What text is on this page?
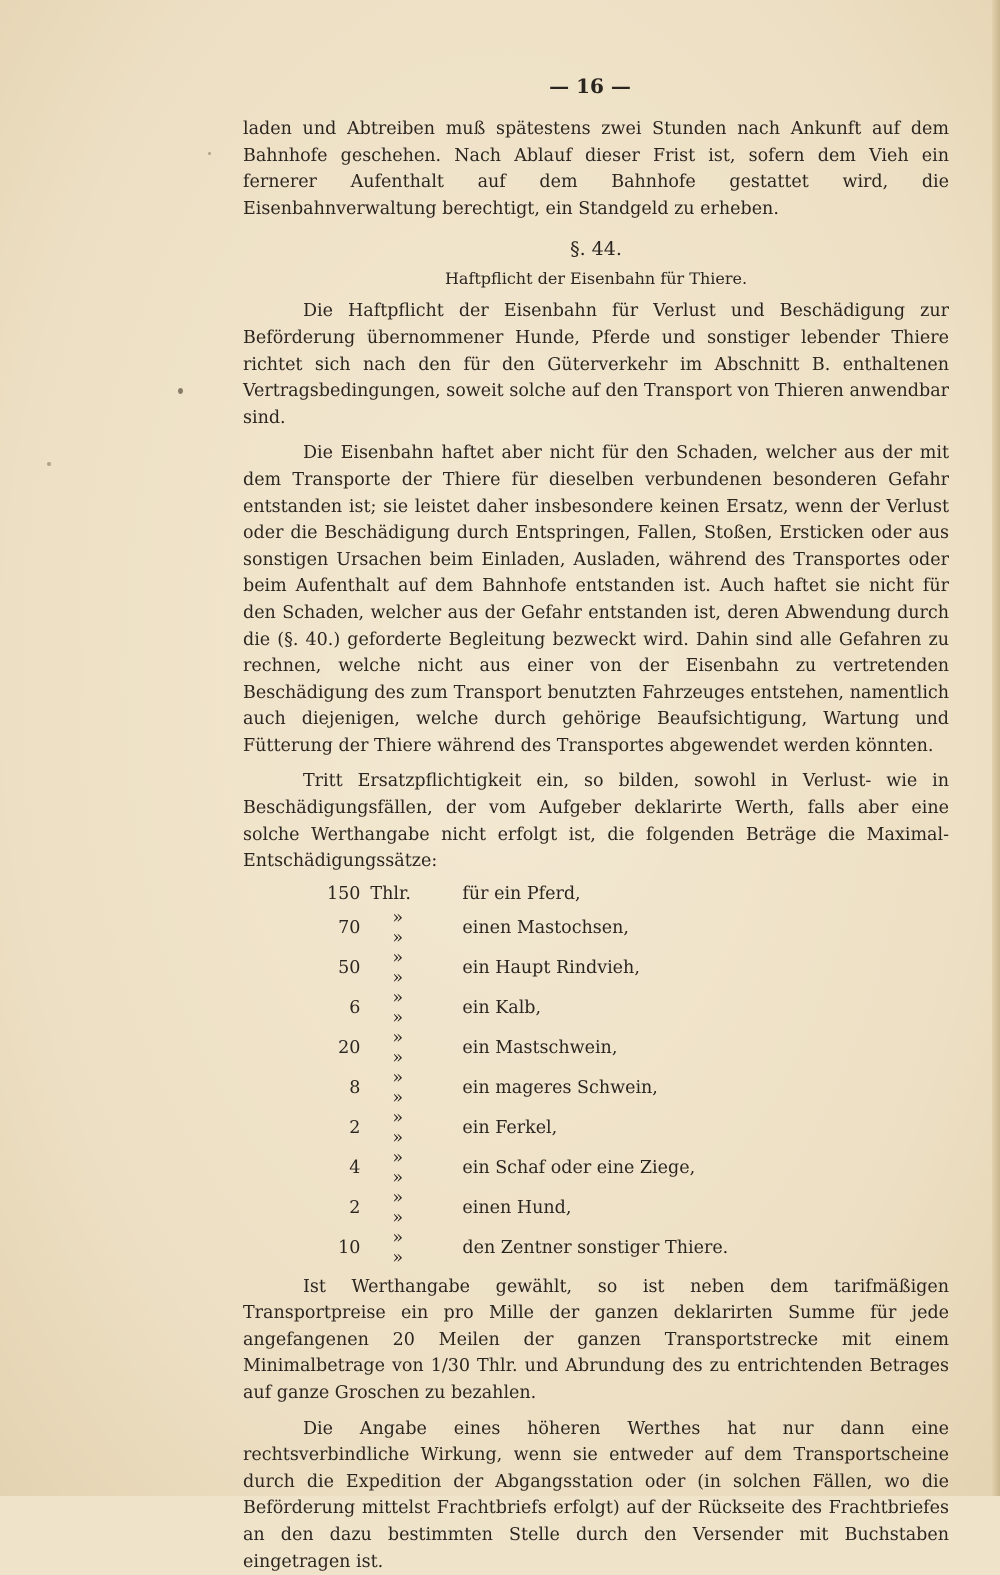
— 16 —

laden und Abtreiben muß spätestens zwei Stunden nach Ankunft auf dem Bahnhofe geschehen. Nach Ablauf dieser Frist ist, sofern dem Vieh ein fernerer Aufenthalt auf dem Bahnhofe gestattet wird, die Eisenbahnverwaltung berechtigt, ein Standgeld zu erheben.

§. 44.
Haftpflicht der Eisenbahn für Thiere.

Die Haftpflicht der Eisenbahn für Verlust und Beschädigung zur Beförderung übernommener Hunde, Pferde und sonstiger lebender Thiere richtet sich nach den für den Güterverkehr im Abschnitt B. enthaltenen Vertragsbedingungen, soweit solche auf den Transport von Thieren anwendbar sind.

Die Eisenbahn haftet aber nicht für den Schaden, welcher aus der mit dem Transporte der Thiere für dieselben verbundenen besonderen Gefahr entstanden ist; sie leistet daher insbesondere keinen Ersatz, wenn der Verlust oder die Beschädigung durch Entspringen, Fallen, Stoßen, Ersticken oder aus sonstigen Ursachen beim Einladen, Ausladen, während des Transportes oder beim Aufenthalt auf dem Bahnhofe entstanden ist. Auch haftet sie nicht für den Schaden, welcher aus der Gefahr entstanden ist, deren Abwendung durch die (§. 40.) geforderte Begleitung bezweckt wird. Dahin sind alle Gefahren zu rechnen, welche nicht aus einer von der Eisenbahn zu vertretenden Beschädigung des zum Transport benutzten Fahrzeuges entstehen, namentlich auch diejenigen, welche durch gehörige Beaufsichtigung, Wartung und Fütterung der Thiere während des Transportes abgewendet werden könnten.

Tritt Ersatzpflichtigkeit ein, so bilden, sowohl in Verlust- wie in Beschädigungsfällen, der vom Aufgeber deklarirte Werth, falls aber eine solche Werthangabe nicht erfolgt ist, die folgenden Beträge die Maximal-Entschädigungssätze:

150	Thlr.	für ein Pferd,
70	» »	einen Mastochsen,
50	» »	ein Haupt Rindvieh,
6	» »	ein Kalb,
20	» »	ein Mastschwein,
8	» »	ein mageres Schwein,
2	» »	ein Ferkel,
4	» »	ein Schaf oder eine Ziege,
2	» »	einen Hund,
10	» »	den Zentner sonstiger Thiere.

Ist Werthangabe gewählt, so ist neben dem tarifmäßigen Transportpreise ein pro Mille der ganzen deklarirten Summe für jede angefangenen 20 Meilen der ganzen Transportstrecke mit einem Minimalbetrage von 1/30 Thlr. und Abrundung des zu entrichtenden Betrages auf ganze Groschen zu bezahlen.

Die Angabe eines höheren Werthes hat nur dann eine rechtsverbindliche Wirkung, wenn sie entweder auf dem Transportscheine durch die Expedition der Abgangsstation oder (in solchen Fällen, wo die Beförderung mittelst Frachtbriefs erfolgt) auf der Rückseite des Frachtbriefes an den dazu bestimmten Stelle durch den Versender mit Buchstaben eingetragen ist.
